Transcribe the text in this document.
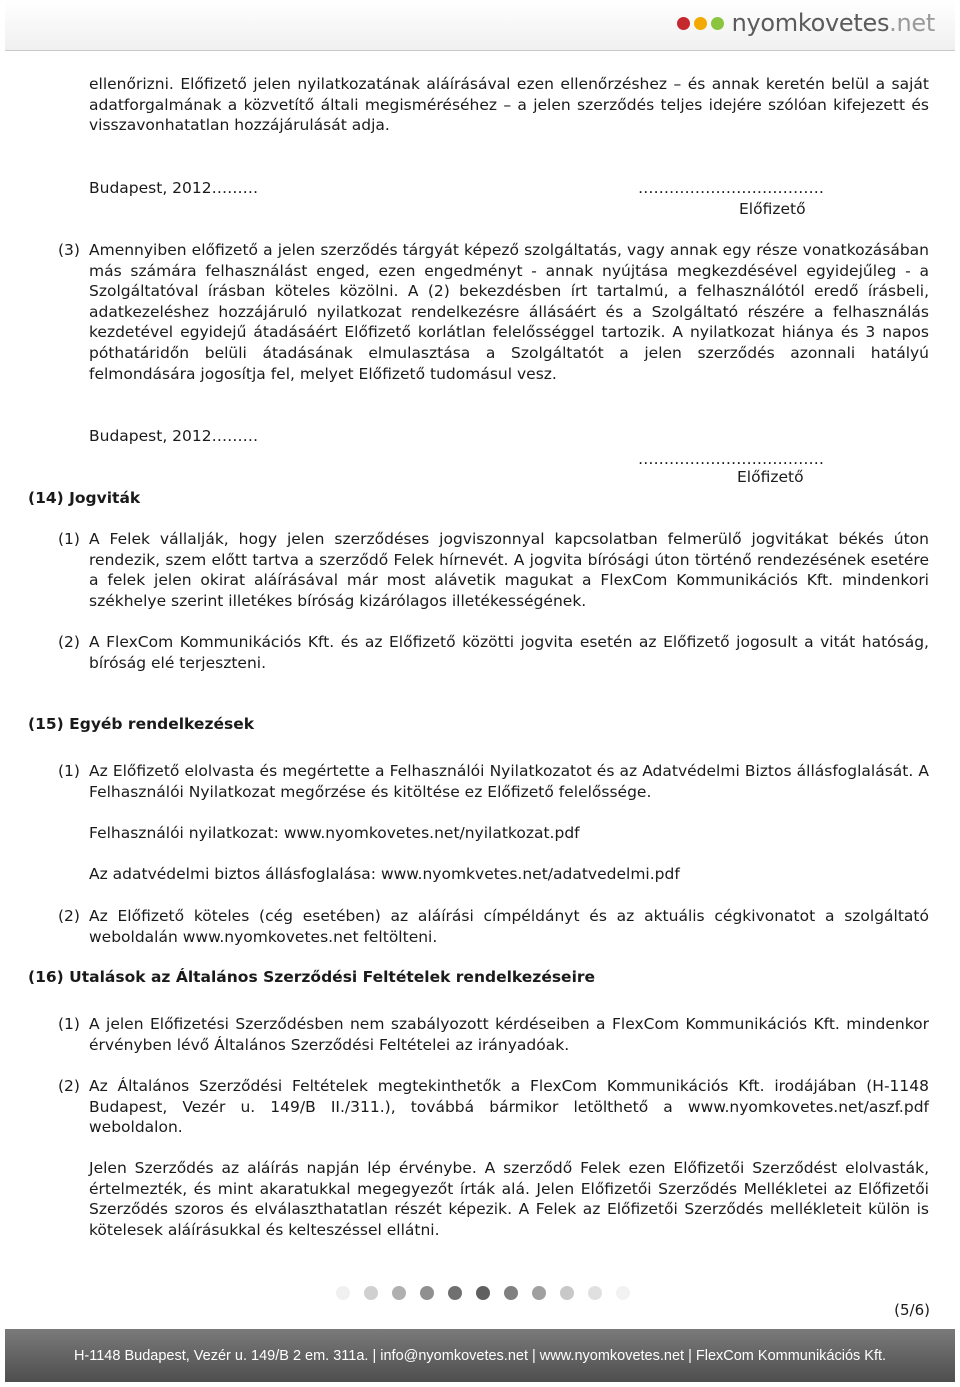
nyomkovetes.net

ellenőrizni. Előfizető jelen nyilatkozatának aláírásával ezen ellenőrzéshez – és annak keretén belül a saját adatforgalmának a közvetítő általi megisméréséhez – a jelen szerződés teljes idejére szólóan kifejezett és visszavonhatatlan hozzájárulását adja.

Budapest, 2012………	………………………………
Előfizető
(3) Amennyiben előfizető a jelen szerződés tárgyát képező szolgáltatás, vagy annak egy része vonatkozásában más számára felhasználást enged, ezen engedményt - annak nyújtása megkezdésével egyidejűleg - a Szolgáltatóval írásban köteles közölni. A (2) bekezdésben írt tartalmú, a felhasználótól eredő írásbeli, adatkezeléshez hozzájáruló nyilatkozat rendelkezésre állásáért és a Szolgáltató részére a felhasználás kezdetével egyidejű átadásáért Előfizető korlátlan felelősséggel tartozik. A nyilatkozat hiánya és 3 napos póthatáridőn belüli átadásának elmulasztása a Szolgáltatót a jelen szerződés azonnali hatályú felmondására jogosítja fel, melyet Előfizető tudomásul vesz.

Budapest, 2012………
………………………………
Előfizető
(14) Jogviták
(1) A Felek vállalják, hogy jelen szerződéses jogviszonnyal kapcsolatban felmerülő jogvitákat békés úton rendezik, szem előtt tartva a szerződő Felek hírnevét. A jogvita bírósági úton történő rendezésének esetére a felek jelen okirat aláírásával már most alávetik magukat a FlexCom Kommunikációs Kft. mindenkori székhelye szerint illetékes bíróság kizárólagos illetékességének.

(2) A FlexCom Kommunikációs Kft. és az Előfizető közötti jogvita esetén az Előfizető jogosult a vitát hatóság, bíróság elé terjeszteni.

(15) Egyéb rendelkezések
(1) Az Előfizető elolvasta és megértette a Felhasználói Nyilatkozatot és az Adatvédelmi Biztos állásfoglalását. A Felhasználói Nyilatkozat megőrzése és kitöltése ez Előfizető felelőssége.

Felhasználói nyilatkozat: www.nyomkovetes.net/nyilatkozat.pdf
Az adatvédelmi biztos állásfoglalása: www.nyomkvetes.net/adatvedelmi.pdf
(2) Az Előfizető köteles (cég esetében) az aláírási címpéldányt és az aktuális cégkivonatot a szolgáltató weboldalán www.nyomkovetes.net feltölteni.

(16) Utalások az Általános Szerződési Feltételek rendelkezéseire
(1) A jelen Előfizetési Szerződésben nem szabályozott kérdéseiben a FlexCom Kommunikációs Kft. mindenkor érvényben lévő Általános Szerződési Feltételei az irányadóak.

(2) Az Általános Szerződési Feltételek megtekinthetők a FlexCom Kommunikációs Kft. irodájában (H-1148 Budapest, Vezér u. 149/B II./311.), továbbá bármikor letölthető a www.nyomkovetes.net/aszf.pdf weboldalon.

Jelen Szerződés az aláírás napján lép érvénybe. A szerződő Felek ezen Előfizetői Szerződést elolvasták, értelmezték, és mint akaratukkal megegyezőt írták alá. Jelen Előfizetői Szerződés Mellékletei az Előfizetői Szerződés szoros és elválaszthatatlan részét képezik. A Felek az Előfizetői Szerződés mellékleteit külön is kötelesek aláírásukkal és kelteszéssel ellátni.

(5/6)
H-1148 Budapest, Vezér u. 149/B 2 em. 311a. | info@nyomkovetes.net | www.nyomkovetes.net | FlexCom Kommunikációs Kft.
